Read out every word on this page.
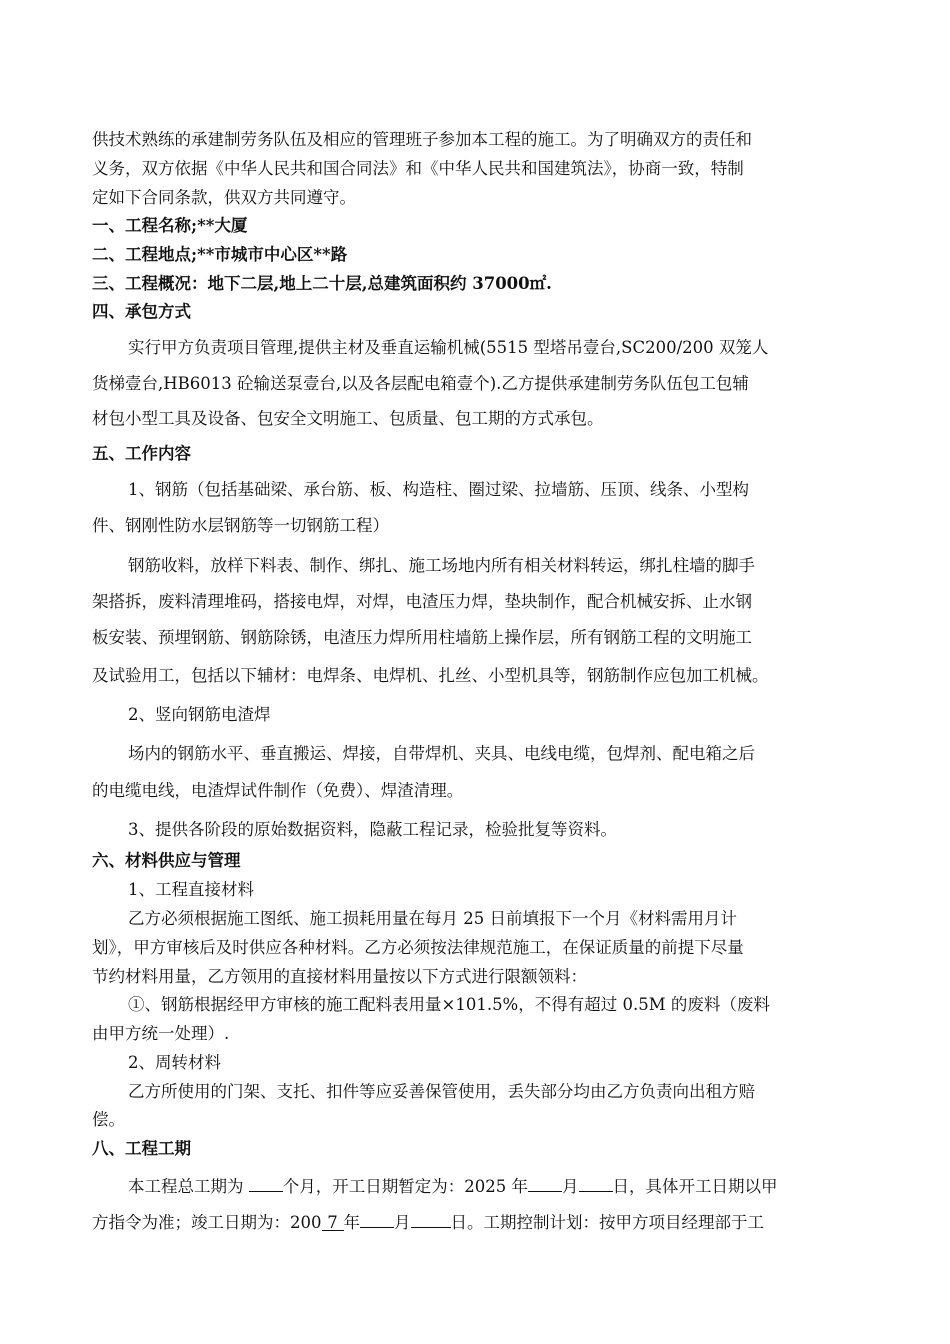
供技术熟练的承建制劳务队伍及相应的管理班子参加本工程的施工。为了明确双方的责任和
义务，双方依据《中华人民共和国合同法》和《中华人民共和国建筑法》，协商一致，特制
定如下合同条款，供双方共同遵守。
一、工程名称;**大厦
二、工程地点;**市城市中心区**路
三、工程概况：地下二层,地上二十层,总建筑面积约 37000㎡.
四、承包方式
实行甲方负责项目管理,提供主材及垂直运输机械(5515 型塔吊壹台,SC200/200 双笼人
货梯壹台,HB6013 砼输送泵壹台,以及各层配电箱壹个).乙方提供承建制劳务队伍包工包辅
材包小型工具及设备、包安全文明施工、包质量、包工期的方式承包。
五、工作内容
1、钢筋（包括基础梁、承台筋、板、构造柱、圈过梁、拉墙筋、压顶、线条、小型构
件、钢刚性防水层钢筋等一切钢筋工程）
钢筋收料，放样下料表、制作、绑扎、施工场地内所有相关材料转运，绑扎柱墙的脚手
架搭拆，废料清理堆码，搭接电焊，对焊，电渣压力焊，垫块制作，配合机械安拆、止水钢
板安装、预埋钢筋、钢筋除锈，电渣压力焊所用柱墙筋上操作层，所有钢筋工程的文明施工
及试验用工，包括以下辅材：电焊条、电焊机、扎丝、小型机具等，钢筋制作应包加工机械。
2、竖向钢筋电渣焊
场内的钢筋水平、垂直搬运、焊接，自带焊机、夹具、电线电缆，包焊剂、配电箱之后
的电缆电线，电渣焊试件制作（免费）、焊渣清理。
3、提供各阶段的原始数据资料，隐蔽工程记录，检验批复等资料。
六、材料供应与管理
1、工程直接材料
乙方必须根据施工图纸、施工损耗用量在每月 25 日前填报下一个月《材料需用月计
划》，甲方审核后及时供应各种材料。乙方必须按法律规范施工，在保证质量的前提下尽量
节约材料用量，乙方领用的直接材料用量按以下方式进行限额领料：
①、钢筋根据经甲方审核的施工配料表用量×101.5%，不得有超过 0.5M 的废料（废料
由甲方统一处理）.
2、周转材料
乙方所使用的门架、支托、扣件等应妥善保管使用，丢失部分均由乙方负责向出租方赔
偿。
八、工程工期
本工程总工期为 个月，开工日期暂定为：2025 年 月 日，具体开工日期以甲
方指令为准；竣工日期为：200 7 年 月 日。工期控制计划：按甲方项目经理部于工
